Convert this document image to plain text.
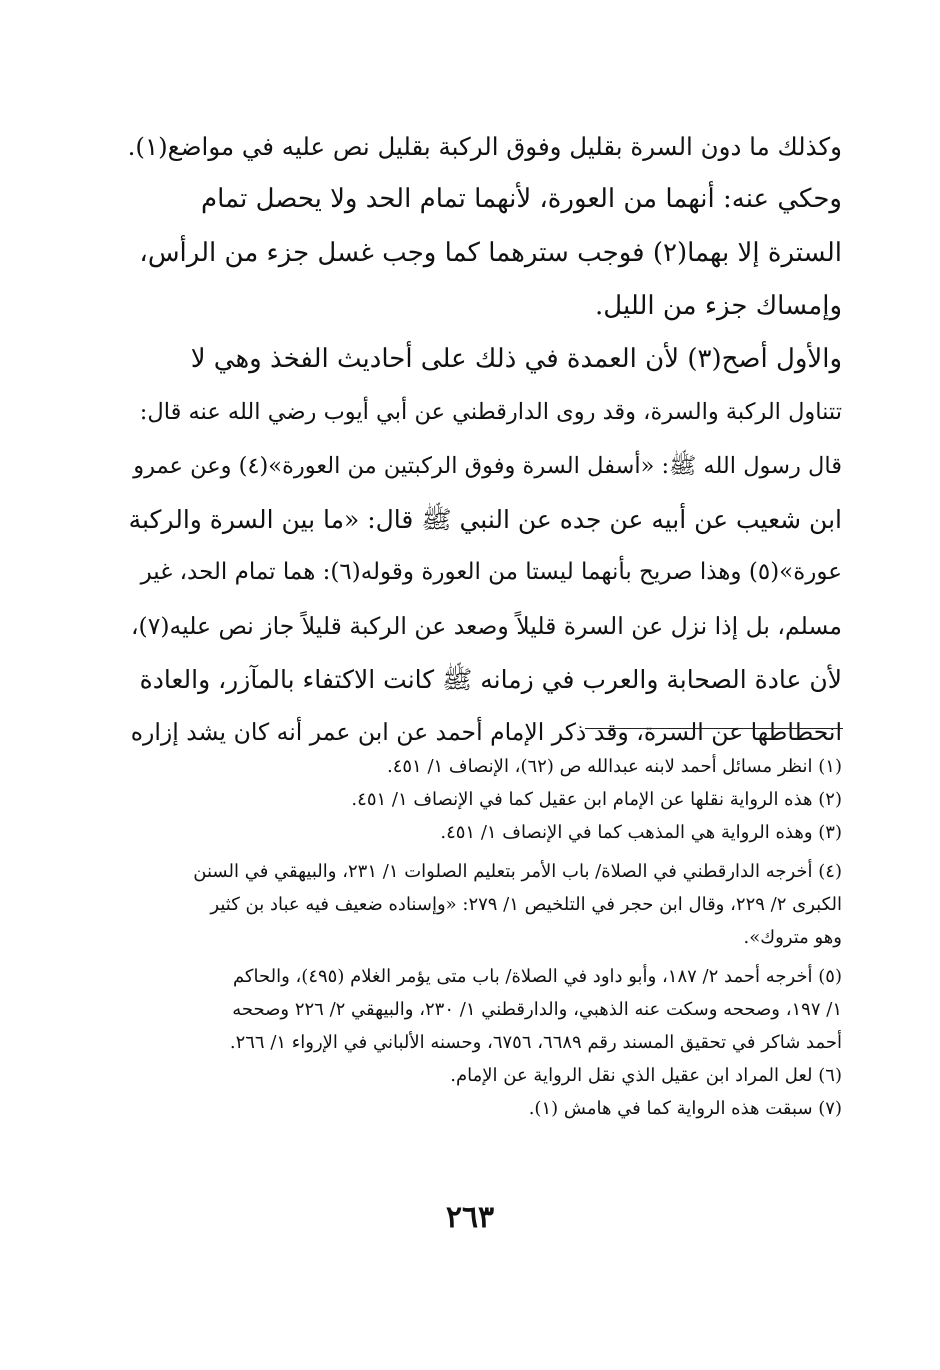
وكذلك ما دون السرة بقليل وفوق الركبة بقليل نص عليه في مواضع(١).
وحكي عنه: أنهما من العورة، لأنهما تمام الحد ولا يحصل تمام
السترة إلا بهما(٢) فوجب سترهما كما وجب غسل جزء من الرأس،
وإمساك جزء من الليل.
والأول أصح(٣) لأن العمدة في ذلك على أحاديث الفخذ وهي لا
تتناول الركبة والسرة، وقد روى الدارقطني عن أبي أيوب رضي الله عنه قال:
قال رسول الله ﷺ: «أسفل السرة وفوق الركبتين من العورة»(٤) وعن عمرو
ابن شعيب عن أبيه عن جده عن النبي ﷺ قال: «ما بين السرة والركبة
عورة»(٥) وهذا صريح بأنهما ليستا من العورة وقوله(٦): هما تمام الحد، غير
مسلم، بل إذا نزل عن السرة قليلاً وصعد عن الركبة قليلاً جاز نص عليه(٧)،
لأن عادة الصحابة والعرب في زمانه ﷺ كانت الاكتفاء بالمآزر، والعادة
انحطاطها عن السرة، وقد ذكر الإمام أحمد عن ابن عمر أنه كان يشد إزاره
(١) انظر مسائل أحمد لابنه عبدالله ص (٦٢)، الإنصاف ١/ ٤٥١.
(٢) هذه الرواية نقلها عن الإمام ابن عقيل كما في الإنصاف ١/ ٤٥١.
(٣) وهذه الرواية هي المذهب كما في الإنصاف ١/ ٤٥١.
(٤) أخرجه الدارقطني في الصلاة/ باب الأمر بتعليم الصلوات ١/ ٢٣١، والبيهقي في السنن
الكبرى ٢/ ٢٢٩، وقال ابن حجر في التلخيص ١/ ٢٧٩: «وإسناده ضعيف فيه عباد بن كثير
وهو متروك».
(٥) أخرجه أحمد ٢/ ١٨٧، وأبو داود في الصلاة/ باب متى يؤمر الغلام (٤٩٥)، والحاكم
١/ ١٩٧، وصححه وسكت عنه الذهبي، والدارقطني ١/ ٢٣٠، والبيهقي ٢/ ٢٢٦ وصححه
أحمد شاكر في تحقيق المسند رقم ٦٦٨٩، ٦٧٥٦، وحسنه الألباني في الإرواء ١/ ٢٦٦.
(٦) لعل المراد ابن عقيل الذي نقل الرواية عن الإمام.
(٧) سبقت هذه الرواية كما في هامش (١).
٢٦٣
